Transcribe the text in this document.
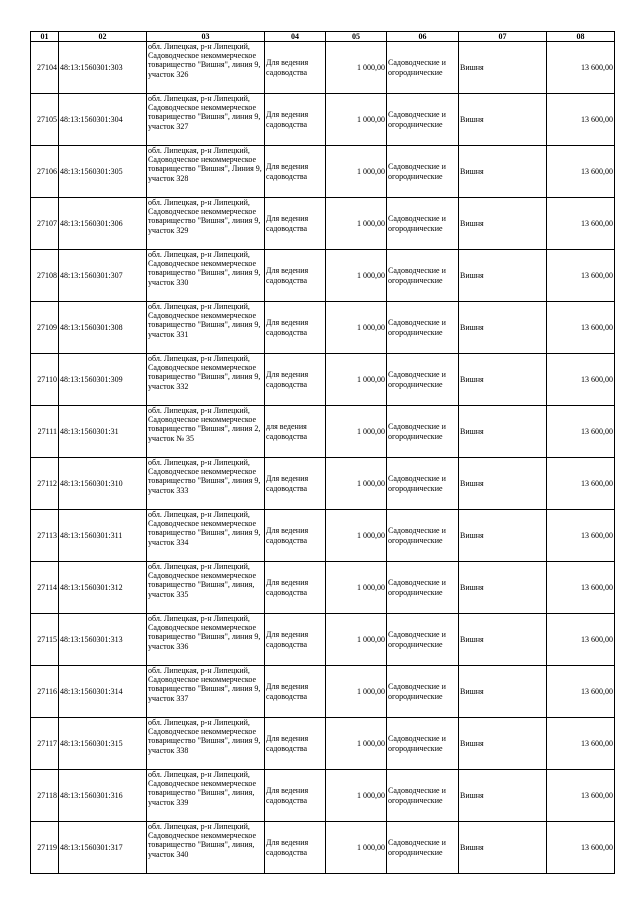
01	02	03	04	05	06	07	08

27104	48:13:1560301:303	обл. Липецкая, р-н Липецкий, Садоводческое некоммерческое товарищество "Вишня", линия 9, участок 326	Для ведения садоводства	1 000,00	Садоводческие и огороднические	Вишня	13 600,00

27105	48:13:1560301:304	обл. Липецкая, р-н Липецкий, Садоводческое некоммерческое товарищество "Вишня", линия 9, участок 327	Для ведения садоводства	1 000,00	Садоводческие и огороднические	Вишня	13 600,00

27106	48:13:1560301:305	обл. Липецкая, р-н Липецкий, Садоводческое некоммерческое товарищество "Вишня", Линия 9, участок 328	Для ведения садоводства	1 000,00	Садоводческие и огороднические	Вишня	13 600,00

27107	48:13:1560301:306	обл. Липецкая, р-н Липецкий, Садоводческое некоммерческое товарищество "Вишня", линия 9, участок 329	Для ведения садоводства	1 000,00	Садоводческие и огороднические	Вишня	13 600,00

27108	48:13:1560301:307	обл. Липецкая, р-н Липецкий, Садоводческое некоммерческое товарищество "Вишня", линия 9, участок 330	Для ведения садоводства	1 000,00	Садоводческие и огороднические	Вишня	13 600,00

27109	48:13:1560301:308	обл. Липецкая, р-н Липецкий, Садоводческое некоммерческое товарищество "Вишня", линия 9, участок 331	Для ведения садоводства	1 000,00	Садоводческие и огороднические	Вишня	13 600,00

27110	48:13:1560301:309	обл. Липецкая, р-н Липецкий, Садоводческое некоммерческое товарищество "Вишня", линия 9, участок 332	Для ведения садоводства	1 000,00	Садоводческие и огороднические	Вишня	13 600,00

27111	48:13:1560301:31	обл. Липецкая, р-н Липецкий, Садоводческое некоммерческое товарищество "Вишня", линия 2, участок № 35	для ведения садоводства	1 000,00	Садоводческие и огороднические	Вишня	13 600,00

27112	48:13:1560301:310	обл. Липецкая, р-н Липецкий, Садоводческое некоммерческое товарищество "Вишня", линия 9, участок 333	Для ведения садоводства	1 000,00	Садоводческие и огороднические	Вишня	13 600,00

27113	48:13:1560301:311	обл. Липецкая, р-н Липецкий, Садоводческое некоммерческое товарищество "Вишня", линия 9, участок 334	Для ведения садоводства	1 000,00	Садоводческие и огороднические	Вишня	13 600,00

27114	48:13:1560301:312	обл. Липецкая, р-н Липецкий, Садоводческое некоммерческое товарищество "Вишня", линия, участок 335	Для ведения садоводства	1 000,00	Садоводческие и огороднические	Вишня	13 600,00

27115	48:13:1560301:313	обл. Липецкая, р-н Липецкий, Садоводческое некоммерческое товарищество "Вишня", линия 9, участок 336	Для ведения садоводства	1 000,00	Садоводческие и огороднические	Вишня	13 600,00

27116	48:13:1560301:314	обл. Липецкая, р-н Липецкий, Садоводческое некоммерческое товарищество "Вишня", линия 9, участок 337	Для ведения садоводства	1 000,00	Садоводческие и огороднические	Вишня	13 600,00

27117	48:13:1560301:315	обл. Липецкая, р-н Липецкий, Садоводческое некоммерческое товарищество "Вишня", линия 9, участок 338	Для ведения садоводства	1 000,00	Садоводческие и огороднические	Вишня	13 600,00

27118	48:13:1560301:316	обл. Липецкая, р-н Липецкий, Садоводческое некоммерческое товарищество "Вишня", линия, участок 339	Для ведения садоводства	1 000,00	Садоводческие и огороднические	Вишня	13 600,00

27119	48:13:1560301:317	обл. Липецкая, р-н Липецкий, Садоводческое некоммерческое товарищество "Вишня", линия, участок 340	Для ведения садоводства	1 000,00	Садоводческие и огороднические	Вишня	13 600,00
